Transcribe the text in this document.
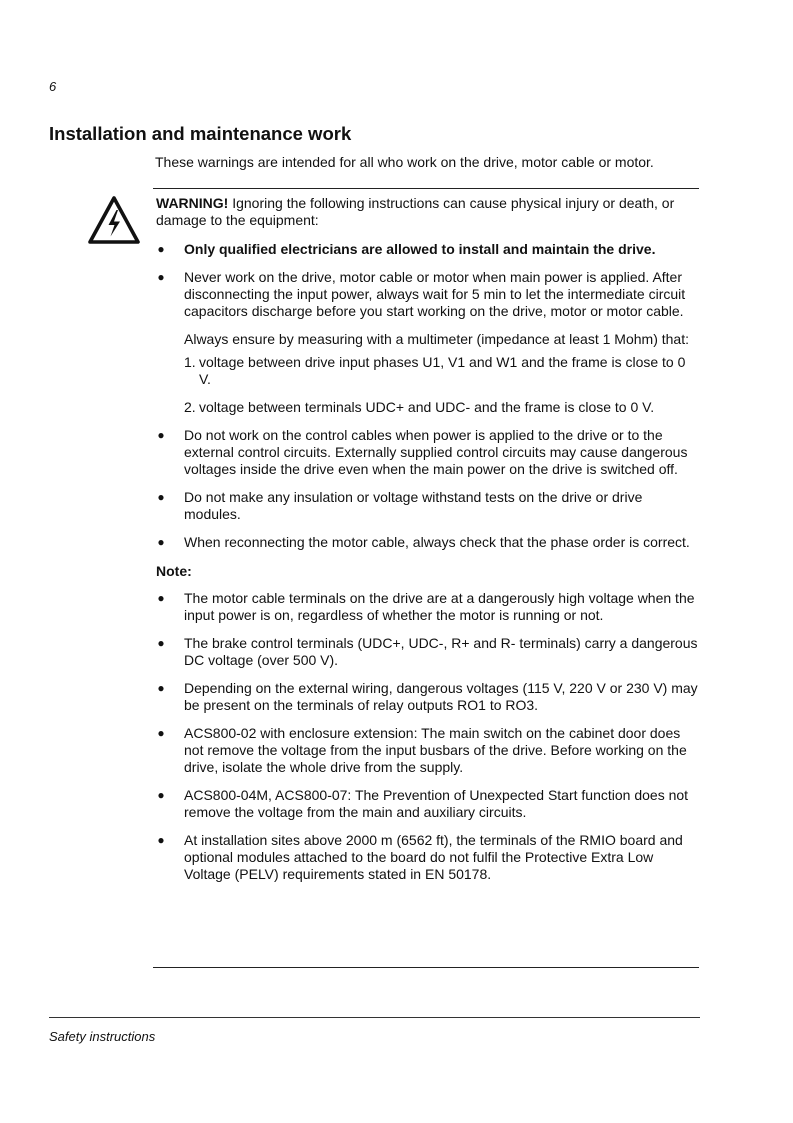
6
Installation and maintenance work

These warnings are intended for all who work on the drive, motor cable or motor.

WARNING! Ignoring the following instructions can cause physical injury or death, or damage to the equipment:

● Only qualified electricians are allowed to install and maintain the drive.
● Never work on the drive, motor cable or motor when main power is applied. After disconnecting the input power, always wait for 5 min to let the intermediate circuit capacitors discharge before you start working on the drive, motor or motor cable.

Always ensure by measuring with a multimeter (impedance at least 1 Mohm) that:

1. voltage between drive input phases U1, V1 and W1 and the frame is close to 0 V.
2. voltage between terminals UDC+ and UDC- and the frame is close to 0 V.
● Do not work on the control cables when power is applied to the drive or to the external control circuits. Externally supplied control circuits may cause dangerous voltages inside the drive even when the main power on the drive is switched off.
● Do not make any insulation or voltage withstand tests on the drive or drive modules.
● When reconnecting the motor cable, always check that the phase order is correct.

Note:

● The motor cable terminals on the drive are at a dangerously high voltage when the input power is on, regardless of whether the motor is running or not.
● The brake control terminals (UDC+, UDC-, R+ and R- terminals) carry a dangerous DC voltage (over 500 V).
● Depending on the external wiring, dangerous voltages (115 V, 220 V or 230 V) may be present on the terminals of relay outputs RO1 to RO3.
● ACS800-02 with enclosure extension: The main switch on the cabinet door does not remove the voltage from the input busbars of the drive. Before working on the drive, isolate the whole drive from the supply.
● ACS800-04M, ACS800-07: The Prevention of Unexpected Start function does not remove the voltage from the main and auxiliary circuits.
● At installation sites above 2000 m (6562 ft), the terminals of the RMIO board and optional modules attached to the board do not fulfil the Protective Extra Low Voltage (PELV) requirements stated in EN 50178.
Safety instructions
